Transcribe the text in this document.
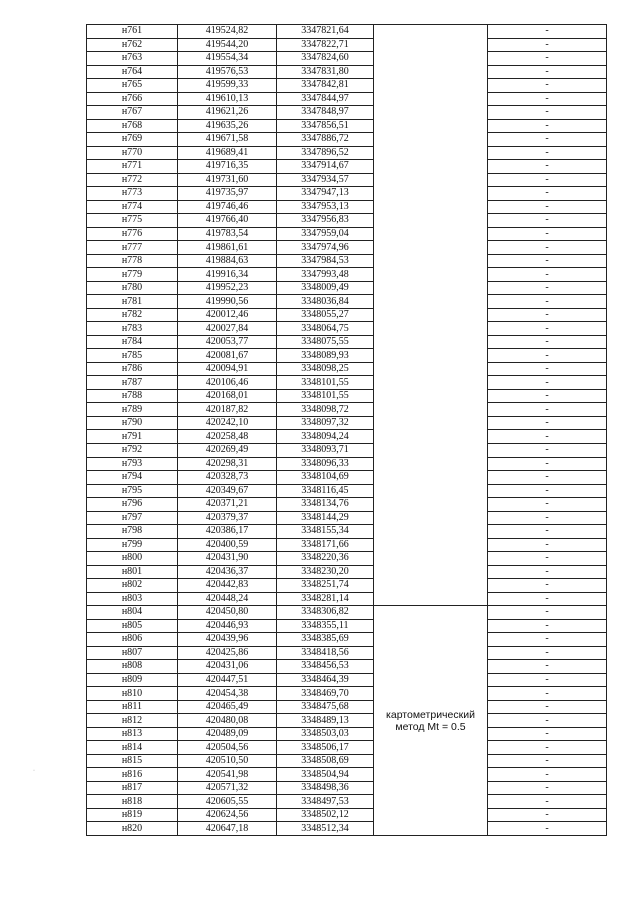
н761	419524,82	3347821,64		-
н762	419544,20	3347822,71		-
н763	419554,34	3347824,60		-
н764	419576,53	3347831,80		-
н765	419599,33	3347842,81		-
н766	419610,13	3347844,97		-
н767	419621,26	3347848,97		-
н768	419635,26	3347856,51		-
н769	419671,58	3347886,72		-
н770	419689,41	3347896,52		-
н771	419716,35	3347914,67		-
н772	419731,60	3347934,57		-
н773	419735,97	3347947,13		-
н774	419746,46	3347953,13		-
н775	419766,40	3347956,83		-
н776	419783,54	3347959,04		-
н777	419861,61	3347974,96		-
н778	419884,63	3347984,53		-
н779	419916,34	3347993,48		-
н780	419952,23	3348009,49		-
н781	419990,56	3348036,84		-
н782	420012,46	3348055,27		-
н783	420027,84	3348064,75		-
н784	420053,77	3348075,55		-
н785	420081,67	3348089,93		-
н786	420094,91	3348098,25		-
н787	420106,46	3348101,55		-
н788	420168,01	3348101,55		-
н789	420187,82	3348098,72		-
н790	420242,10	3348097,32		-
н791	420258,48	3348094,24		-
н792	420269,49	3348093,71		-
н793	420298,31	3348096,33		-
н794	420328,73	3348104,69		-
н795	420349,67	3348116,45		-
н796	420371,21	3348134,76		-
н797	420379,37	3348144,29		-
н798	420386,17	3348155,34		-
н799	420400,59	3348171,66		-
н800	420431,90	3348220,36		-
н801	420436,37	3348230,20		-
н802	420442,83	3348251,74		-
н803	420448,24	3348281,14		-
н804	420450,80	3348306,82	картометрический метод Mt = 0.5	-
н805	420446,93	3348355,11		-
н806	420439,96	3348385,69		-
н807	420425,86	3348418,56		-
н808	420431,06	3348456,53		-
н809	420447,51	3348464,39		-
н810	420454,38	3348469,70		-
н811	420465,49	3348475,68		-
н812	420480,08	3348489,13		-
н813	420489,09	3348503,03		-
н814	420504,56	3348506,17		-
н815	420510,50	3348508,69		-
н816	420541,98	3348504,94		-
н817	420571,32	3348498,36		-
н818	420605,55	3348497,53		-
н819	420624,56	3348502,12		-
н820	420647,18	3348512,34		-
·
